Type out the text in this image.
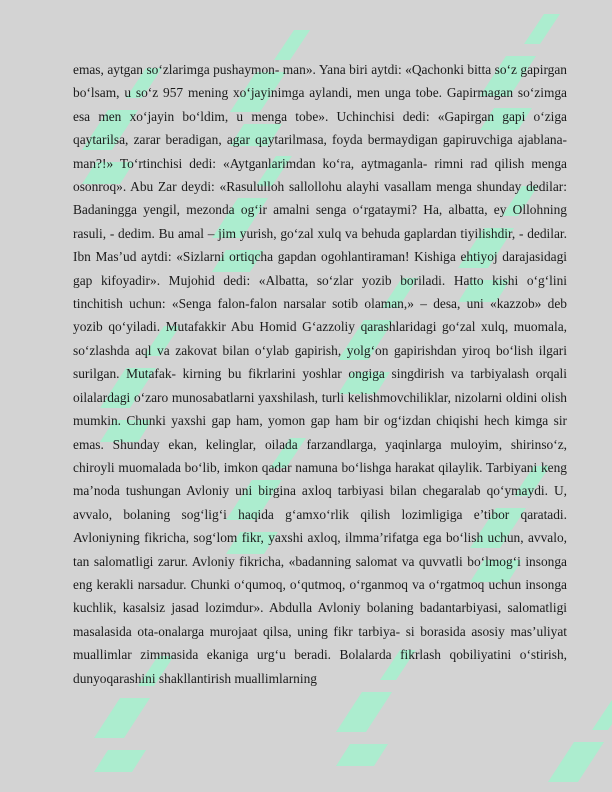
emas, aytgan so‘zlarimga pushaymon- man». Yana biri aytdi: «Qachonki bitta so‘z gapirgan bo‘lsam, u so‘z 957 mening xo‘jayinimga aylandi, men unga tobe. Gapirmagan so‘zimga esa men xo‘jayin bo‘ldim, u menga tobe». Uchinchisi dedi: «Gapirgan gapi o‘ziga qaytarilsa, zarar beradigan, agar qaytarilmasa, foyda bermaydigan gapiruvchiga ajablana- man?!» To‘rtinchisi dedi: «Aytganlarimdan ko‘ra, aytmaganla- rimni rad qilish menga osonroq». Abu Zar deydi: «Rasululloh sallollohu alayhi vasallam menga shunday dedilar: Badaningga yengil, mezonda og‘ir amalni senga o‘rgataymi? Ha, albatta, ey Ollohning rasuli, - dedim. Bu amal – jim yurish, go‘zal xulq va behuda gaplardan tiyilishdir, - dedilar. Ibn Mas’ud aytdi: «Sizlarni ortiqcha gapdan ogohlantiraman! Kishiga ehtiyoj darajasidagi gap kifoyadir». Mujohid dedi: «Albatta, so‘zlar yozib boriladi. Hatto kishi o‘g‘lini tinchitish uchun: «Senga falon-falon narsalar sotib olaman,» – desa, uni «kazzob» deb yozib qo‘yiladi. Mutafakkir Abu Homid G‘azzoliy qarashlaridagi go‘zal xulq, muomala, so‘zlashda aql va zakovat bilan o‘ylab gapirish, yolg‘on gapirishdan yiroq bo‘lish ilgari surilgan. Mutafak- kirning bu fikrlarini yoshlar ongiga singdirish va tarbiyalash orqali oilalardagi o‘zaro munosabatlarni yaxshilash, turli kelishmovchiliklar, nizolarni oldini olish mumkin. Chunki yaxshi gap ham, yomon gap ham bir og‘izdan chiqishi hech kimga sir emas. Shunday ekan, kelinglar, oilada farzandlarga, yaqinlarga muloyim, shirinso‘z, chiroyli muomalada bo‘lib, imkon qadar namuna bo‘lishga harakat qilaylik. Tarbiyani keng ma’noda tushungan Avloniy uni birgina axloq tarbiyasi bilan chegaralab qo‘ymaydi. U, avvalo, bolaning sog‘lig‘i haqida g‘amxo‘rlik qilish lozimligiga e’tibor qaratadi. Avloniyning fikricha, sog‘lom fikr, yaxshi axloq, ilmma’rifatga ega bo‘lish uchun, avvalo, tan salomatligi zarur. Avloniy fikricha, «badanning salomat va quvvatli bo‘lmog‘i insonga eng kerakli narsadur. Chunki o‘qumoq, o‘qutmoq, o‘rganmoq va o‘rgatmoq uchun insonga kuchlik, kasalsiz jasad lozimdur». Abdulla Avloniy bolaning badantarbiyasi, salomatligi masalasida ota-onalarga murojaat qilsa, uning fikr tarbiya- si borasida asosiy mas’uliyat muallimlar zimmasida ekaniga urg‘u beradi. Bolalarda fikrlash qobiliyatini o‘stirish, dunyoqarashini shakllantirish muallimlarning
